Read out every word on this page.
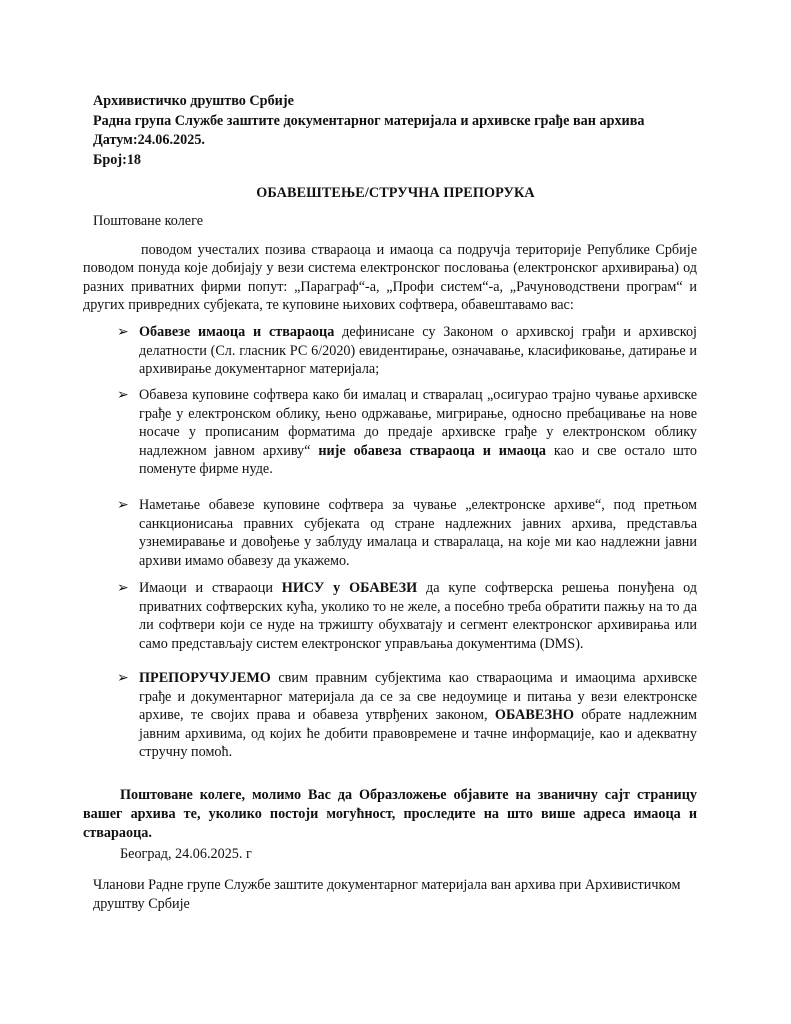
Архивистичко друштво Србије
Радна група Службе заштите документарног материјала и архивске грађе ван архива
Датум:24.06.2025.
Број:18
ОБАВЕШТЕЊЕ/СТРУЧНА ПРЕПОРУКА
Поштоване колеге
поводом учесталих позива ствараоца и имаоца са подручја територије Републике Србије поводом понуда које добијају у вези система електронског пословања (електронског архивирања) од разних приватних фирми попут: „Параграф“-а, „Профи систем“-а, „Рачуноводствени програм“ и других привредних субјеката, те куповине њихових софтвера, обавештавамо вас:
➢ Обавезе имаоца и ствараоца дефинисане су Законом о архивској грађи и архивској делатности (Сл. гласник РС 6/2020) евидентирање, означавање, класификовање, датирање и архивирање документарног материјала;
➢ Обавеза куповине софтвера како би ималац и стваралац „осигурао трајно чување архивске грађе у електронском облику, њено одржавање, мигрирање, односно пребацивање на нове носаче у прописаним форматима до предаје архивске грађе у електронском облику надлежном јавном архиву“ није обавеза ствараоца и имаоца као и све остало што поменуте фирме нуде.
➢ Наметање обавезе куповине софтвера за чување „електронске архиве“, под претњом санкционисања правних субјеката од стране надлежних јавних архива, представља узнемиравање и довођење у заблуду ималаца и стваралаца, на које ми као надлежни јавни архиви имамо обавезу да укажемо.
➢ Имаоци и ствараоци НИСУ у ОБАВЕЗИ да купе софтверска решења понуђена од приватних софтверских кућа, уколико то не желе, а посебно треба обратити пажњу на то да ли софтвери који се нуде на тржишту обухватају и сегмент електронског архивирања или само представљају систем електронског управљања документима (DMS).
➢ ПРЕПОРУЧУЈЕМО свим правним субјектима као ствараоцима и имаоцима архивске грађе и документарног материјала да се за све недоумице и питања у вези електронске архиве, те својих права и обавеза утврђених законом, ОБАВЕЗНО обрате надлежним јавним архивима, од којих ће добити правовремене и тачне информације, као и адекватну стручну помоћ.
Поштоване колеге, молимо Вас да Образложење објавите на званичну сајт страницу вашег архива те, уколико постоји могућност, проследите на што више адреса имаоца и ствараоца.
Београд, 24.06.2025. г
Чланови Радне групе Службе заштите документарног материјала ван архива при Архивистичком друштву Србије
